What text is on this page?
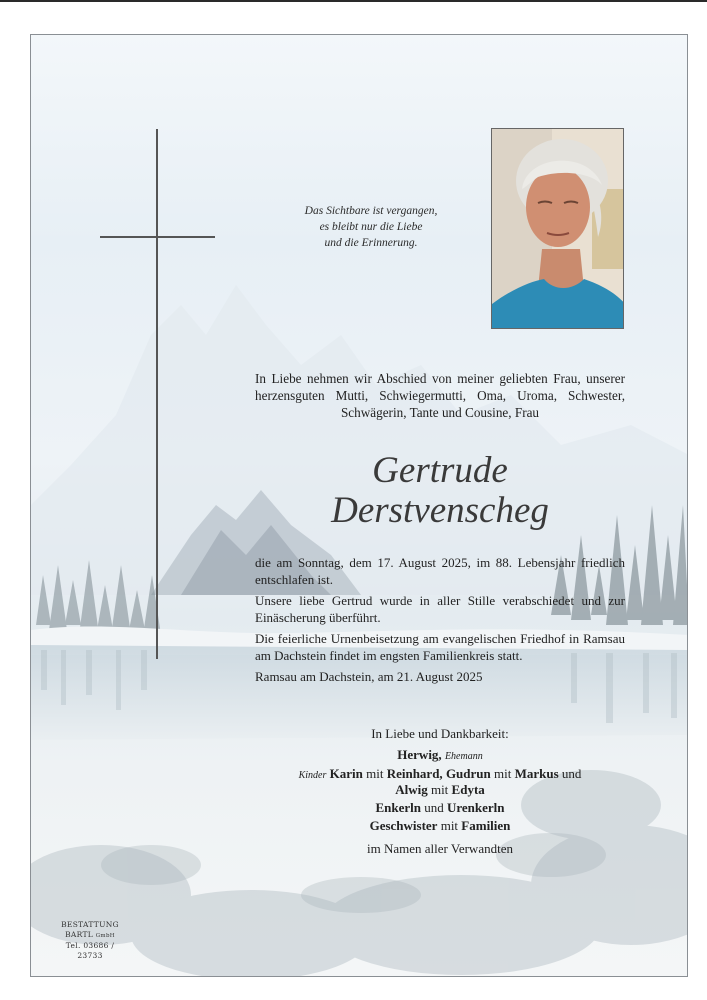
Das Sichtbare ist vergangen,
es bleibt nur die Liebe
und die Erinnerung.
In Liebe nehmen wir Abschied von meiner geliebten Frau, unserer herzensguten Mutti, Schwiegermutti, Oma, Uroma, Schwester, Schwägerin, Tante und Cousine, Frau
Gertrude
Derstvenscheg
die am Sonntag, dem 17. August 2025, im 88. Lebensjahr friedlich entschlafen ist.
Unsere liebe Gertrud wurde in aller Stille verabschiedet und zur Einäscherung überführt.
Die feierliche Urnenbeisetzung am evangelischen Friedhof in Ramsau am Dachstein findet im engsten Familienkreis statt.
Ramsau am Dachstein, am 21. August 2025
In Liebe und Dankbarkeit:
Herwig, Ehemann
Kinder Karin mit Reinhard, Gudrun mit Markus und
Alwig mit Edyta
Enkerln und Urenkerln
Geschwister mit Familien
im Namen aller Verwandten
BESTATTUNG
BARTL GmbH
Tel. 03686 / 23733
